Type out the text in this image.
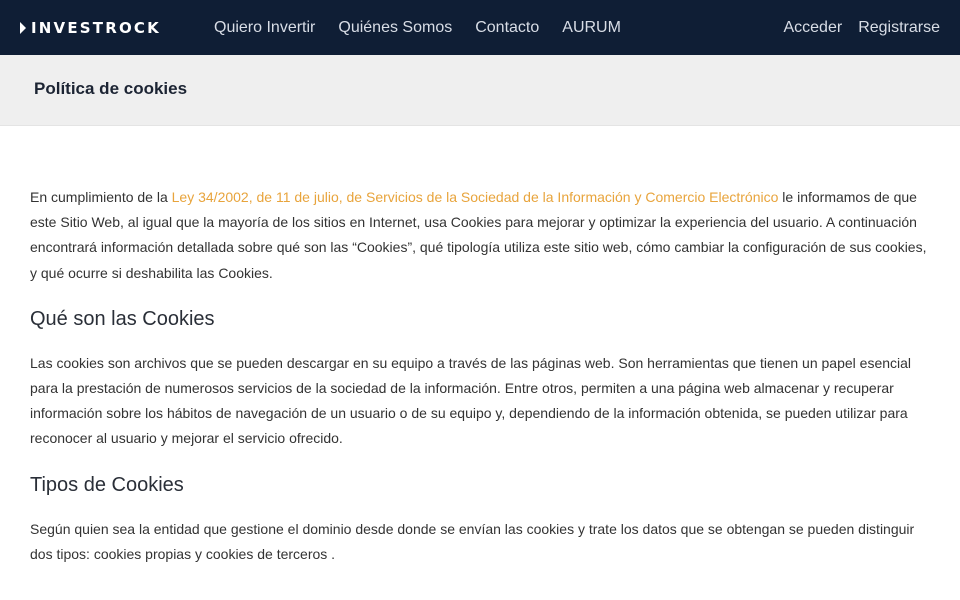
INVESTROCK	Quiero Invertir Quiénes Somos Contacto AURUM	Acceder Registrarse
Política de cookies

En cumplimiento de la Ley 34/2002, de 11 de julio, de Servicios de la Sociedad de la Información y Comercio Electrónico le informamos de que este Sitio Web, al igual que la mayoría de los sitios en Internet, usa Cookies para mejorar y optimizar la experiencia del usuario. A continuación encontrará información detallada sobre qué son las “Cookies”, qué tipología utiliza este sitio web, cómo cambiar la configuración de sus cookies, y qué ocurre si deshabilita las Cookies.

Qué son las Cookies

Las cookies son archivos que se pueden descargar en su equipo a través de las páginas web. Son herramientas que tienen un papel esencial para la prestación de numerosos servicios de la sociedad de la información. Entre otros, permiten a una página web almacenar y recuperar información sobre los hábitos de navegación de un usuario o de su equipo y, dependiendo de la información obtenida, se pueden utilizar para reconocer al usuario y mejorar el servicio ofrecido.

Tipos de Cookies

Según quien sea la entidad que gestione el dominio desde donde se envían las cookies y trate los datos que se obtengan se pueden distinguir dos tipos: cookies propias y cookies de terceros .
